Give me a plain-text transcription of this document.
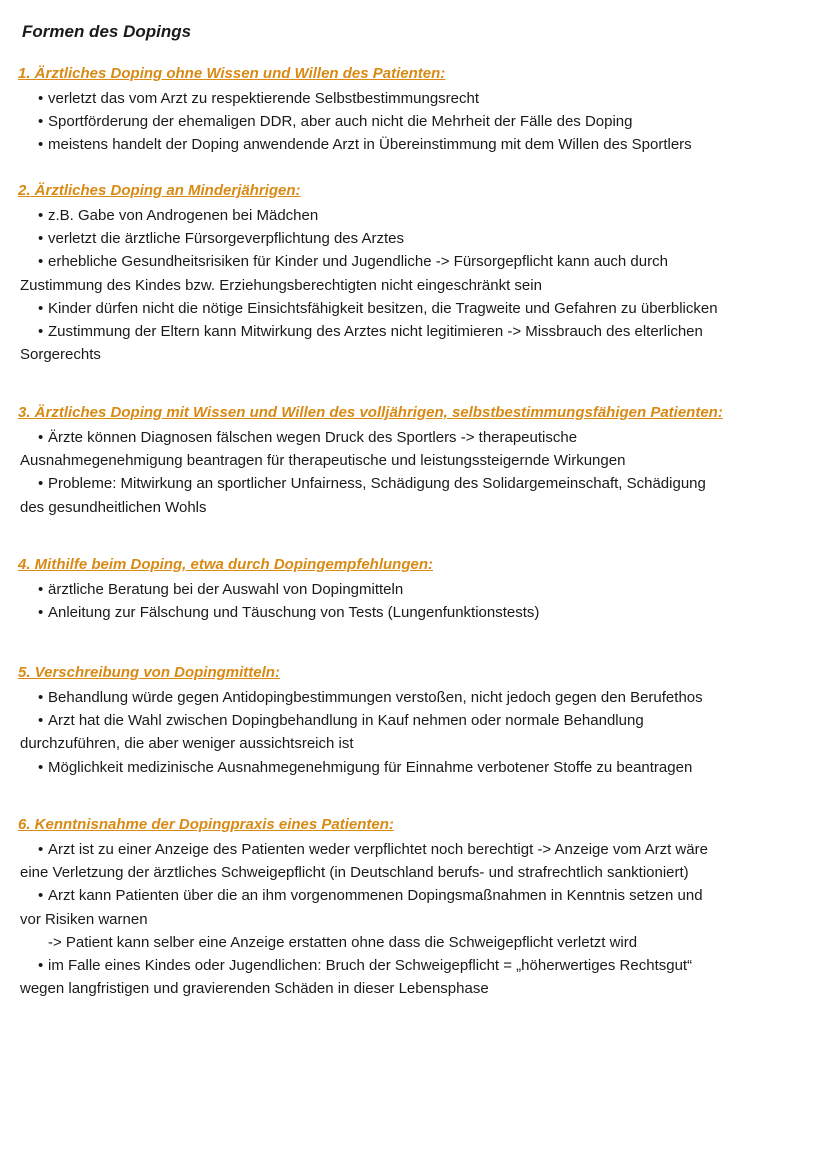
Formen des Dopings
1. Ärztliches Doping ohne Wissen und Willen des Patienten:
• verletzt das vom Arzt zu respektierende Selbstbestimmungsrecht
• Sportförderung der ehemaligen DDR, aber auch nicht die Mehrheit der Fälle des Doping
• meistens handelt der Doping anwendende Arzt in Übereinstimmung mit dem Willen des Sportlers
2. Ärztliches Doping an Minderjährigen:
• z.B. Gabe von Androgenen bei Mädchen
• verletzt die ärztliche Fürsorgeverpflichtung des Arztes
• erhebliche Gesundheitsrisiken für Kinder und Jugendliche -> Fürsorgepflicht kann auch durch
Zustimmung des Kindes bzw. Erziehungsberechtigten nicht eingeschränkt sein
• Kinder dürfen nicht die nötige Einsichtsfähigkeit besitzen, die Tragweite und Gefahren zu überblicken
• Zustimmung der Eltern kann Mitwirkung des Arztes nicht legitimieren -> Missbrauch des elterlichen
Sorgerechts
3. Ärztliches Doping mit Wissen und Willen des volljährigen, selbstbestimmungsfähigen Patienten:
• Ärzte können Diagnosen fälschen wegen Druck des Sportlers -> therapeutische
Ausnahmegenehmigung beantragen für therapeutische und leistungssteigernde Wirkungen
• Probleme: Mitwirkung an sportlicher Unfairness, Schädigung des Solidargemeinschaft, Schädigung
des gesundheitlichen Wohls
4. Mithilfe beim Doping, etwa durch Dopingempfehlungen:
• ärztliche Beratung bei der Auswahl von Dopingmitteln
• Anleitung zur Fälschung und Täuschung von Tests (Lungenfunktionstests)
5. Verschreibung von Dopingmitteln:
• Behandlung würde gegen Antidopingbestimmungen verstoßen, nicht jedoch gegen den Berufethos
• Arzt hat die Wahl zwischen Dopingbehandlung in Kauf nehmen oder normale Behandlung
durchzuführen, die aber weniger aussichtsreich ist
• Möglichkeit medizinische Ausnahmegenehmigung für Einnahme verbotener Stoffe zu beantragen
6. Kenntnisnahme der Dopingpraxis eines Patienten:
• Arzt ist zu einer Anzeige des Patienten weder verpflichtet noch berechtigt -> Anzeige vom Arzt wäre
eine Verletzung der ärztliches Schweigepflicht (in Deutschland berufs- und strafrechtlich sanktioniert)
• Arzt kann Patienten über die an ihm vorgenommenen Dopingsmaßnahmen in Kenntnis setzen und
vor Risiken warnen
-> Patient kann selber eine Anzeige erstatten ohne dass die Schweigepflicht verletzt wird
• im Falle eines Kindes oder Jugendlichen: Bruch der Schweigepflicht = „höherwertiges Rechtsgut“
wegen langfristigen und gravierenden Schäden in dieser Lebensphase
